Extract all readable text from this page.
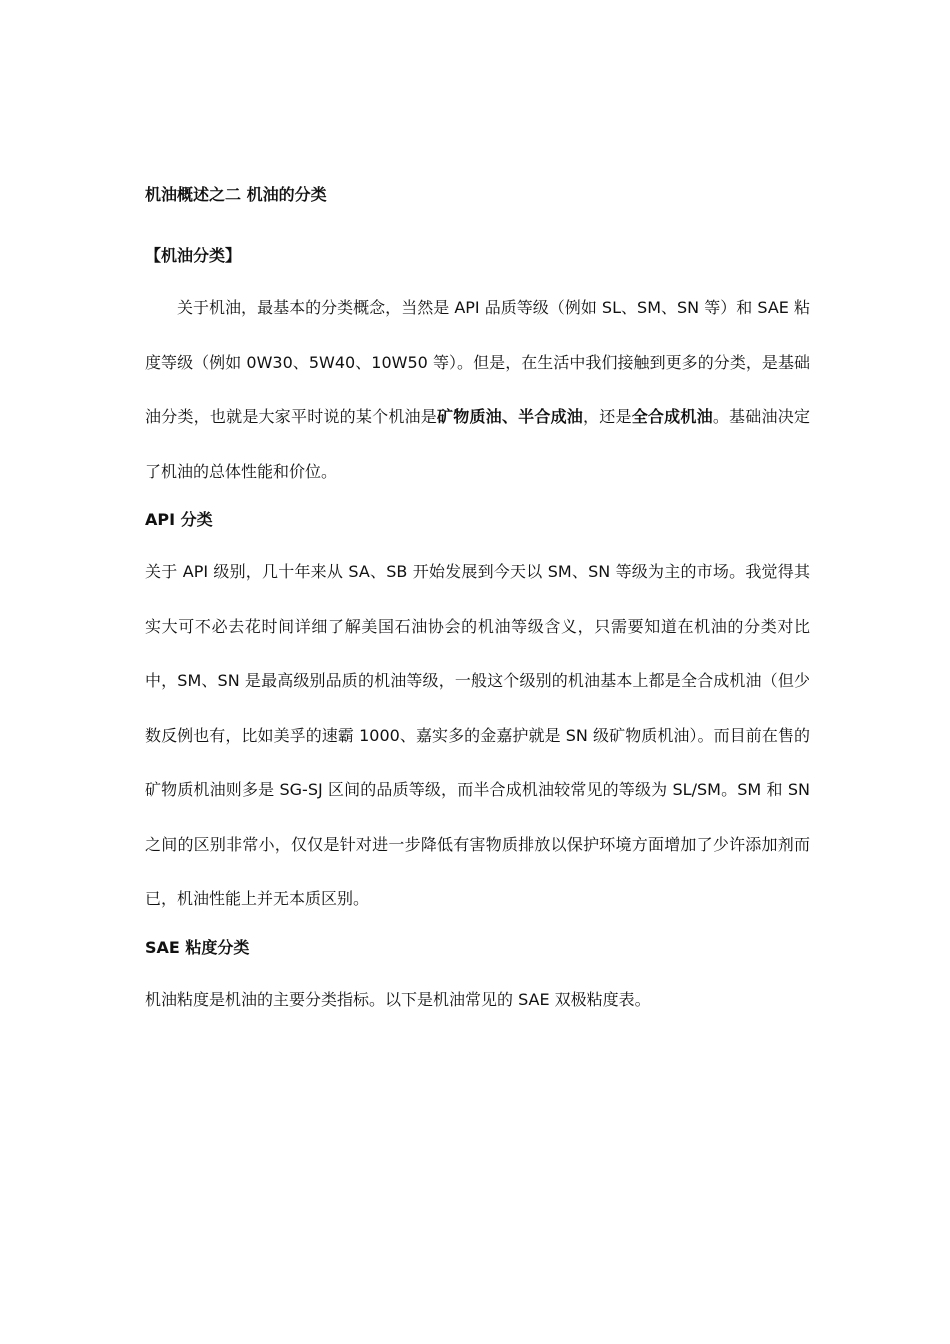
机油概述之二 机油的分类

【机油分类】

关于机油，最基本的分类概念，当然是 API 品质等级（例如 SL、SM、SN 等）和 SAE 粘度等级（例如 0W30、5W40、10W50 等）。但是，在生活中我们接触到更多的分类，是基础油分类，也就是大家平时说的某个机油是矿物质油、半合成油，还是全合成机油。基础油决定了机油的总体性能和价位。

API 分类

关于 API 级别，几十年来从 SA、SB 开始发展到今天以 SM、SN 等级为主的市场。我觉得其实大可不必去花时间详细了解美国石油协会的机油等级含义，只需要知道在机油的分类对比中，SM、SN 是最高级别品质的机油等级，一般这个级别的机油基本上都是全合成机油（但少数反例也有，比如美孚的速霸 1000、嘉实多的金嘉护就是 SN 级矿物质机油）。而目前在售的矿物质机油则多是 SG-SJ 区间的品质等级，而半合成机油较常见的等级为 SL/SM。SM 和 SN 之间的区别非常小，仅仅是针对进一步降低有害物质排放以保护环境方面增加了少许添加剂而已，机油性能上并无本质区别。

SAE 粘度分类

机油粘度是机油的主要分类指标。以下是机油常见的 SAE 双极粘度表。
